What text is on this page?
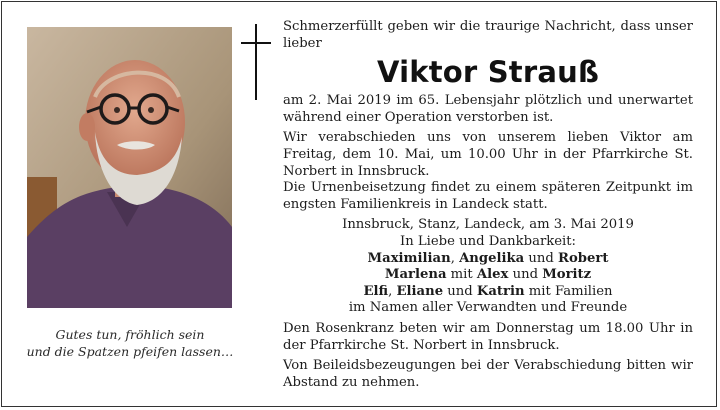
Gutes tun, fröhlich sein
und die Spatzen pfeifen lassen…

Schmerzerfüllt geben wir die traurige Nachricht, dass unser lieber

Viktor Strauß

am 2. Mai 2019 im 65. Lebensjahr plötzlich und unerwartet während einer Operation verstorben ist.

Wir verabschieden uns von unserem lieben Viktor am Freitag, dem 10. Mai, um 10.00 Uhr in der Pfarrkirche St. Norbert in Innsbruck.

Die Urnenbeisetzung findet zu einem späteren Zeitpunkt im engsten Familienkreis in Landeck statt.

Innsbruck, Stanz, Landeck, am 3. Mai 2019

In Liebe und Dankbarkeit:

Maximilian, Angelika und Robert

Marlena mit Alex und Moritz

Elfi, Eliane und Katrin mit Familien

im Namen aller Verwandten und Freunde

Den Rosenkranz beten wir am Donnerstag um 18.00 Uhr in der Pfarrkirche St. Norbert in Innsbruck.

Von Beileidsbezeugungen bei der Verabschiedung bitten wir Abstand zu nehmen.
